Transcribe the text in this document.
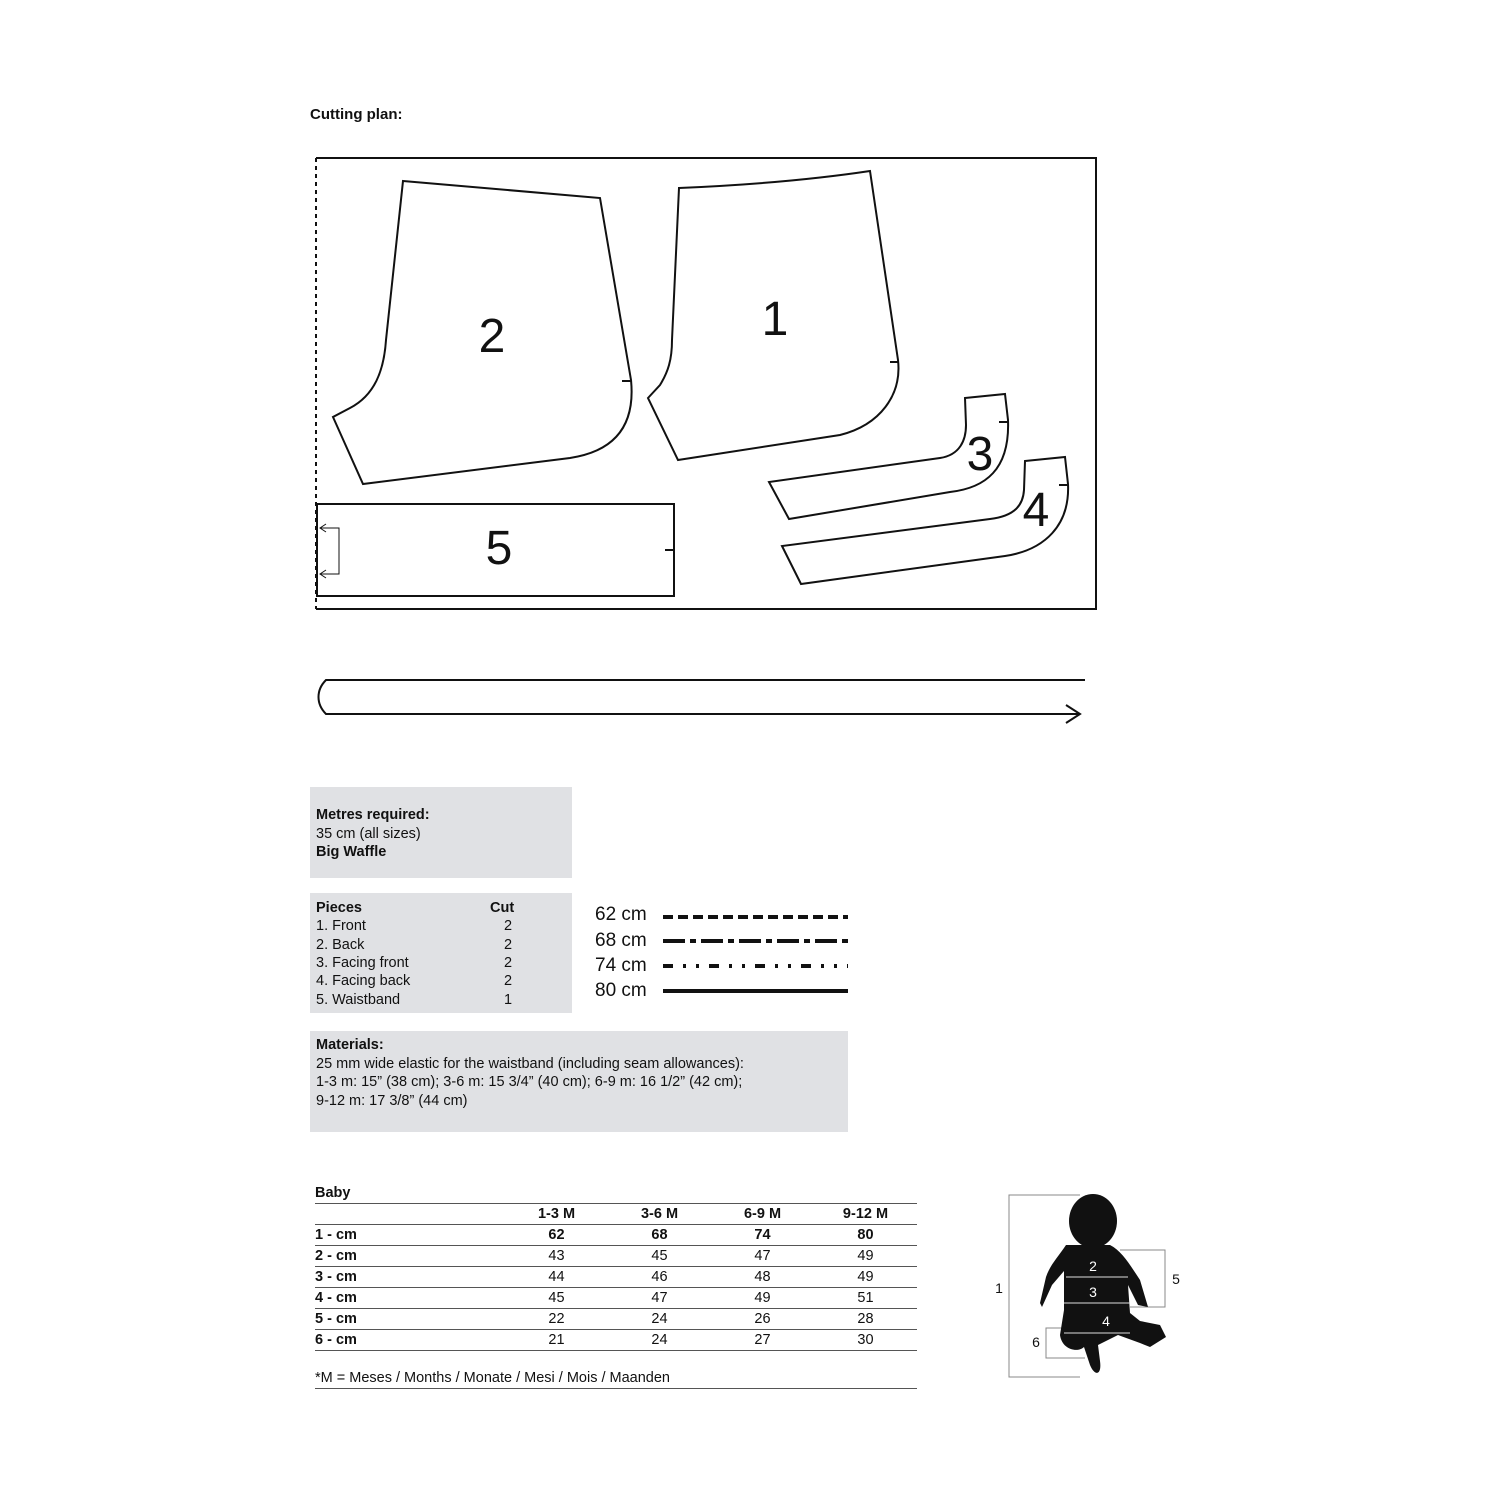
Cutting plan:
2	1
3
4
5
Metres required:
35 cm (all sizes)
Big Waffle
Pieces	Cut
1. Front	2
2. Back	2
3. Facing front	2
4. Facing back	2
5. Waistband	1
62 cm
68 cm
74 cm
80 cm
Materials:
25 mm wide elastic for the waistband (including seam allowances):
1-3 m: 15” (38 cm); 3-6 m: 15 3/4” (40 cm); 6-9 m: 16 1/2” (42 cm);
9-12 m: 17 3/8” (44 cm)
Baby				
	1-3 M	3-6 M	6-9 M	9-12 M
1 - cm	62	68	74	80
2 - cm	43	45	47	49
3 - cm	44	46	48	49
4 - cm	45	47	49	51
5 - cm	22	24	26	28
6 - cm	21	24	27	30
*M = Meses / Months / Monate / Mesi / Mois / Maanden
1
2
3
4
5
6
